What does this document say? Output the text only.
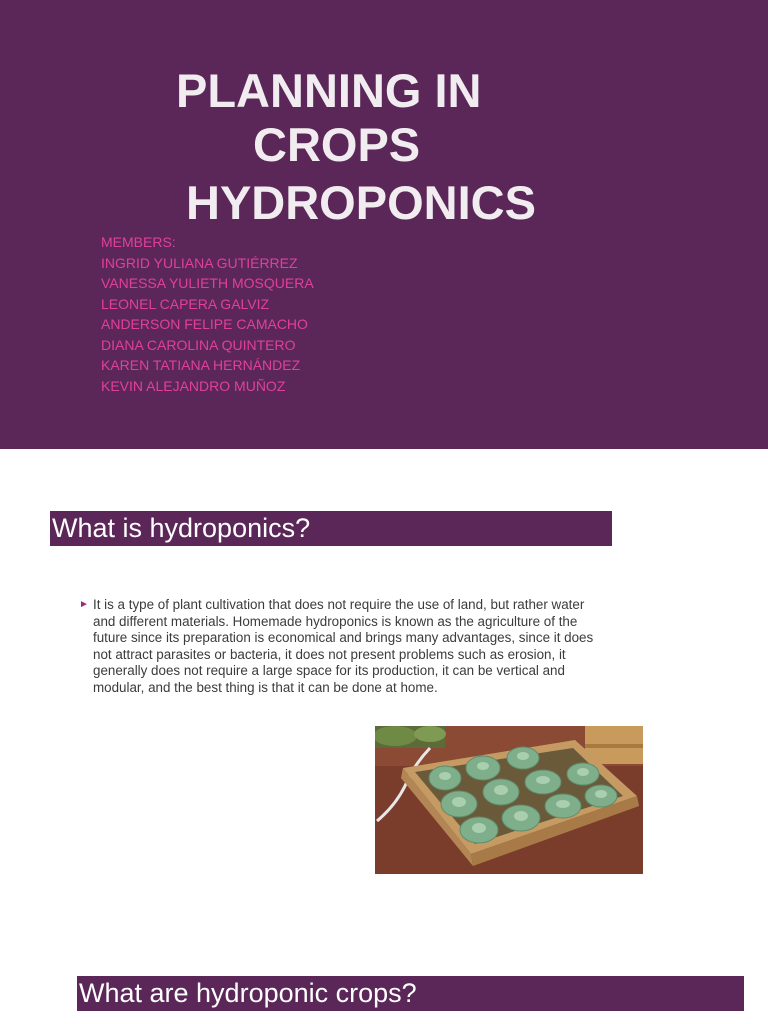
PLANNING IN
CROPS
HYDROPONICS
MEMBERS:
INGRID YULIANA GUTIÉRREZ
VANESSA YULIETH MOSQUERA
LEONEL CAPERA GALVIZ
ANDERSON FELIPE CAMACHO
DIANA CAROLINA QUINTERO
KAREN TATIANA HERNÁNDEZ
KEVIN ALEJANDRO MUÑOZ
What is hydroponics?
► It is a type of plant cultivation that does not require the use of land, but rather water and different materials. Homemade hydroponics is known as the agriculture of the future since its preparation is economical and brings many advantages, since it does not attract parasites or bacteria, it does not present problems such as erosion, it generally does not require a large space for its production, it can be vertical and modular, and the best thing is that it can be done at home.

What are hydroponic crops?
